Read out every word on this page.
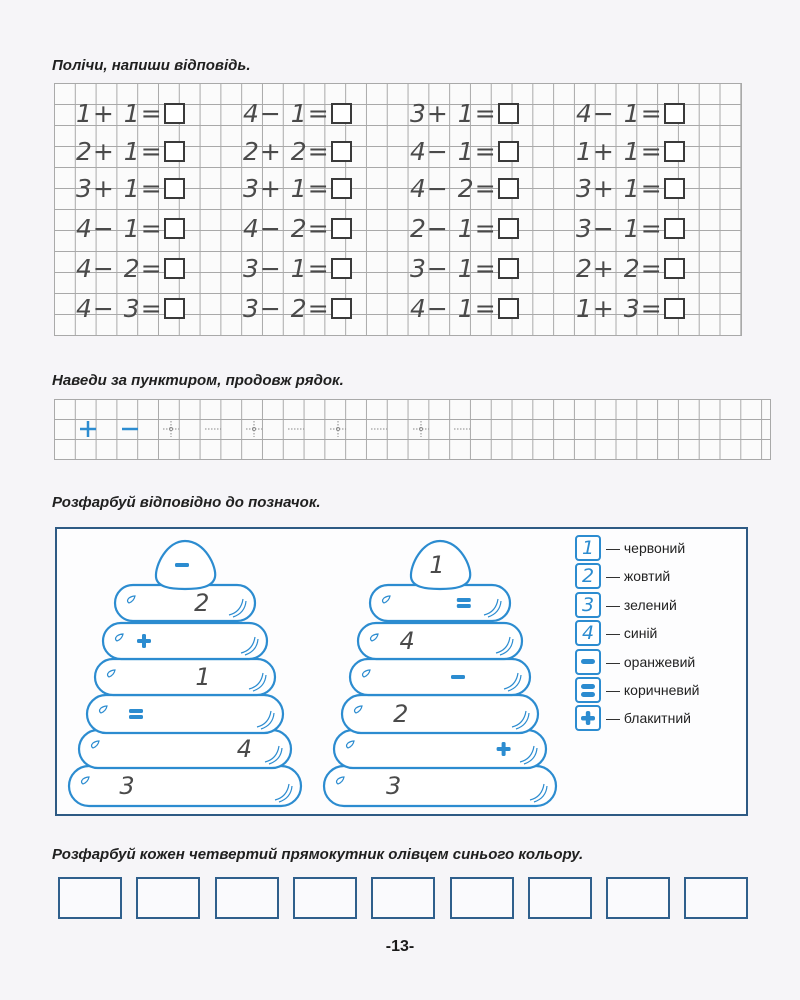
Полічи, напиши відповідь.
1+ 1=
2+ 1=
3+ 1=
4− 1=
4− 2=
4− 3=
4− 1=
2+ 2=
3+ 1=
4− 2=
3− 1=
3− 2=
3+ 1=
4− 1=
4− 2=
2− 1=
3− 1=
4− 1=
4− 1=
1+ 1=
3+ 1=
3− 1=
2+ 2=
1+ 3=
Наведи за пунктиром, продовж рядок.
Розфарбуй відповідно до позначок.
3
4
1
2
3
2
4
1
1 — червоний
2 — жовтий
3 — зелений
4 — синій
— оранжевий
— коричневий
— блакитний
Розфарбуй кожен четвертий прямокутник олівцем синього кольору.
-13-
